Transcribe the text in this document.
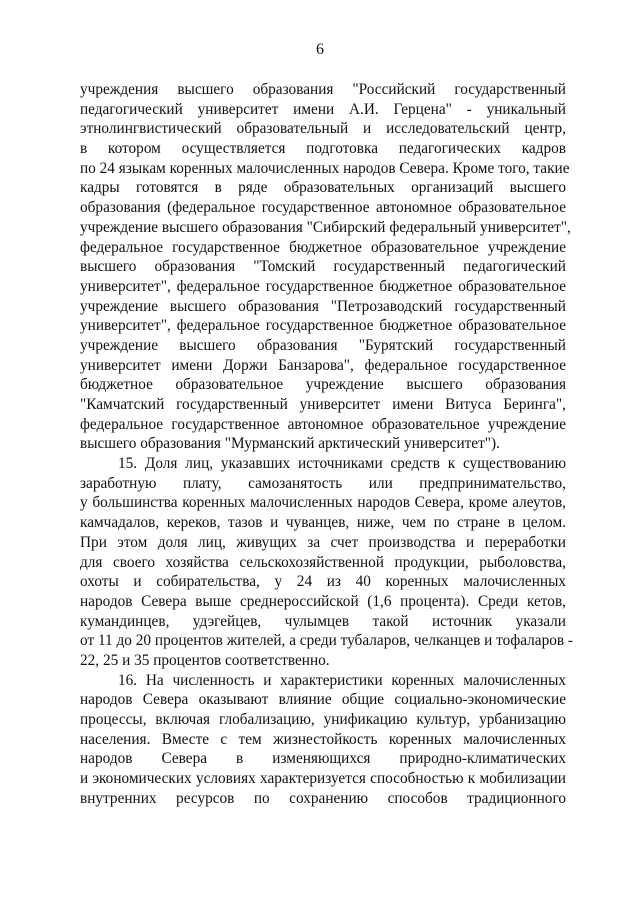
6
учреждения высшего образования "Российский государственный
педагогический университет имени А.И. Герцена" - уникальный
этнолингвистический образовательный и исследовательский центр,
в котором осуществляется подготовка педагогических кадров
по 24 языкам коренных малочисленных народов Севера. Кроме того, такие
кадры готовятся в ряде образовательных организаций высшего
образования (федеральное государственное автономное образовательное
учреждение высшего образования "Сибирский федеральный университет",
федеральное государственное бюджетное образовательное учреждение
высшего образования "Томский государственный педагогический
университет", федеральное государственное бюджетное образовательное
учреждение высшего образования "Петрозаводский государственный
университет", федеральное государственное бюджетное образовательное
учреждение высшего образования "Бурятский государственный
университет имени Доржи Банзарова", федеральное государственное
бюджетное образовательное учреждение высшего образования
"Камчатский государственный университет имени Витуса Беринга",
федеральное государственное автономное образовательное учреждение
высшего образования "Мурманский арктический университет").
15. Доля лиц, указавших источниками средств к существованию
заработную плату, самозанятость или предпринимательство,
у большинства коренных малочисленных народов Севера, кроме алеутов,
камчадалов, кереков, тазов и чуванцев, ниже, чем по стране в целом.
При этом доля лиц, живущих за счет производства и переработки
для своего хозяйства сельскохозяйственной продукции, рыболовства,
охоты и собирательства, у 24 из 40 коренных малочисленных
народов Севера выше среднероссийской (1,6 процента). Среди кетов,
кумандинцев, удэгейцев, чулымцев такой источник указали
от 11 до 20 процентов жителей, а среди тубаларов, челканцев и тофаларов -
22, 25 и 35 процентов соответственно.
16. На численность и характеристики коренных малочисленных
народов Севера оказывают влияние общие социально-экономические
процессы, включая глобализацию, унификацию культур, урбанизацию
населения. Вместе с тем жизнестойкость коренных малочисленных
народов Севера в изменяющихся природно-климатических
и экономических условиях характеризуется способностью к мобилизации
внутренних ресурсов по сохранению способов традиционного
